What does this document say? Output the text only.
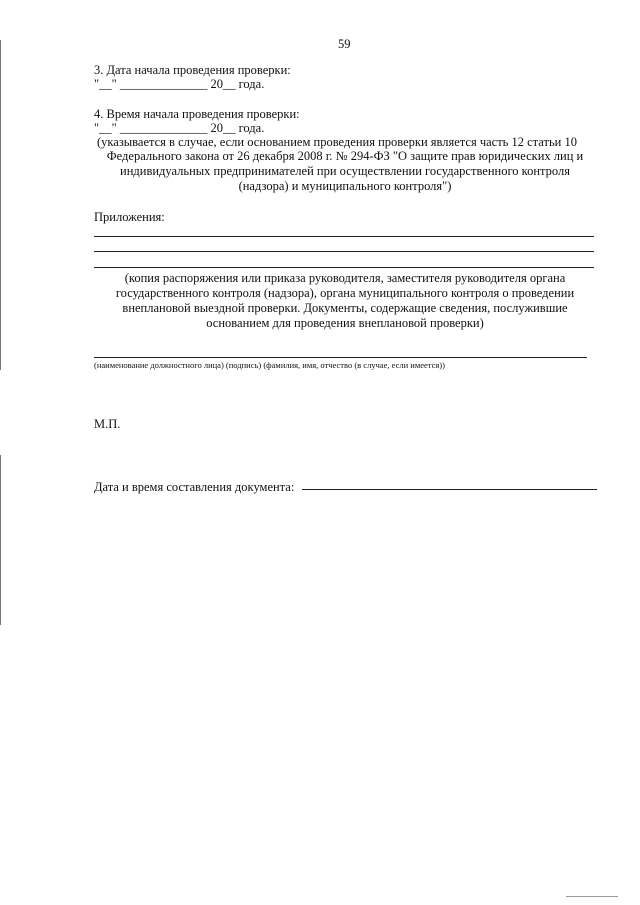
59
3. Дата начала проведения проверки:
"__" ______________ 20__ года.
4. Время начала проведения проверки:
"__" ______________ 20__ года.
(указывается в случае, если основанием проведения проверки является часть 12 статьи 10
Федерального закона от 26 декабря 2008 г. № 294-ФЗ "О защите прав юридических лиц и
индивидуальных предпринимателей при осуществлении государственного контроля
(надзора) и муниципального контроля")
Приложения:
(копия распоряжения или приказа руководителя, заместителя руководителя органа
государственного контроля (надзора), органа муниципального контроля о проведении
внеплановой выездной проверки. Документы, содержащие сведения, послужившие
основанием для проведения внеплановой проверки)
(наименование должностного лица) (подпись) (фамилия, имя, отчество (в случае, если имеется))
М.П.
Дата и время составления документа:
